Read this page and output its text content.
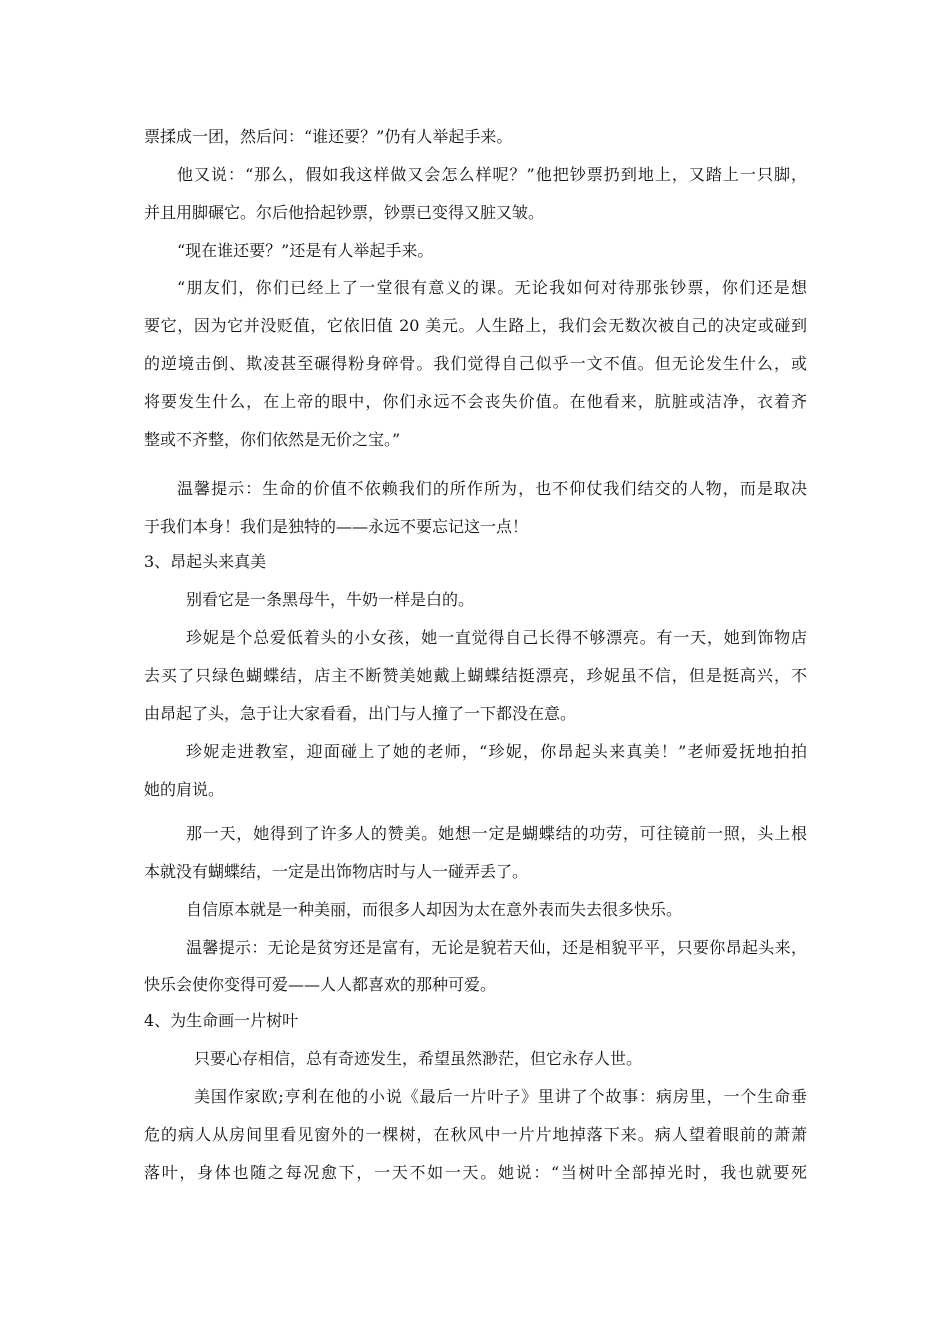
票揉成一团，然后问：“谁还要？”仍有人举起手来。
他又说：“那么，假如我这样做又会怎么样呢？”他把钞票扔到地上，又踏上一只脚，
并且用脚碾它。尔后他拾起钞票，钞票已变得又脏又皱。
“现在谁还要？”还是有人举起手来。
“朋友们，你们已经上了一堂很有意义的课。无论我如何对待那张钞票，你们还是想
要它，因为它并没贬值，它依旧值 20 美元。人生路上，我们会无数次被自己的决定或碰到
的逆境击倒、欺凌甚至碾得粉身碎骨。我们觉得自己似乎一文不值。但无论发生什么，或
将要发生什么，在上帝的眼中，你们永远不会丧失价值。在他看来，肮脏或洁净，衣着齐
整或不齐整，你们依然是无价之宝。”
温馨提示：生命的价值不依赖我们的所作所为，也不仰仗我们结交的人物，而是取决
于我们本身！我们是独特的——永远不要忘记这一点！
3、昂起头来真美
别看它是一条黑母牛，牛奶一样是白的。
珍妮是个总爱低着头的小女孩，她一直觉得自己长得不够漂亮。有一天，她到饰物店
去买了只绿色蝴蝶结，店主不断赞美她戴上蝴蝶结挺漂亮，珍妮虽不信，但是挺高兴，不
由昂起了头，急于让大家看看，出门与人撞了一下都没在意。
珍妮走进教室，迎面碰上了她的老师，“珍妮，你昂起头来真美！”老师爱抚地拍拍
她的肩说。
那一天，她得到了许多人的赞美。她想一定是蝴蝶结的功劳，可往镜前一照，头上根
本就没有蝴蝶结，一定是出饰物店时与人一碰弄丢了。
自信原本就是一种美丽，而很多人却因为太在意外表而失去很多快乐。
温馨提示：无论是贫穷还是富有，无论是貌若天仙，还是相貌平平，只要你昂起头来，
快乐会使你变得可爱——人人都喜欢的那种可爱。
4、为生命画一片树叶
只要心存相信，总有奇迹发生，希望虽然渺茫，但它永存人世。
美国作家欧;亨利在他的小说《最后一片叶子》里讲了个故事：病房里，一个生命垂
危的病人从房间里看见窗外的一棵树，在秋风中一片片地掉落下来。病人望着眼前的萧萧
落叶，身体也随之每况愈下，一天不如一天。她说：“当树叶全部掉光时，我也就要死
